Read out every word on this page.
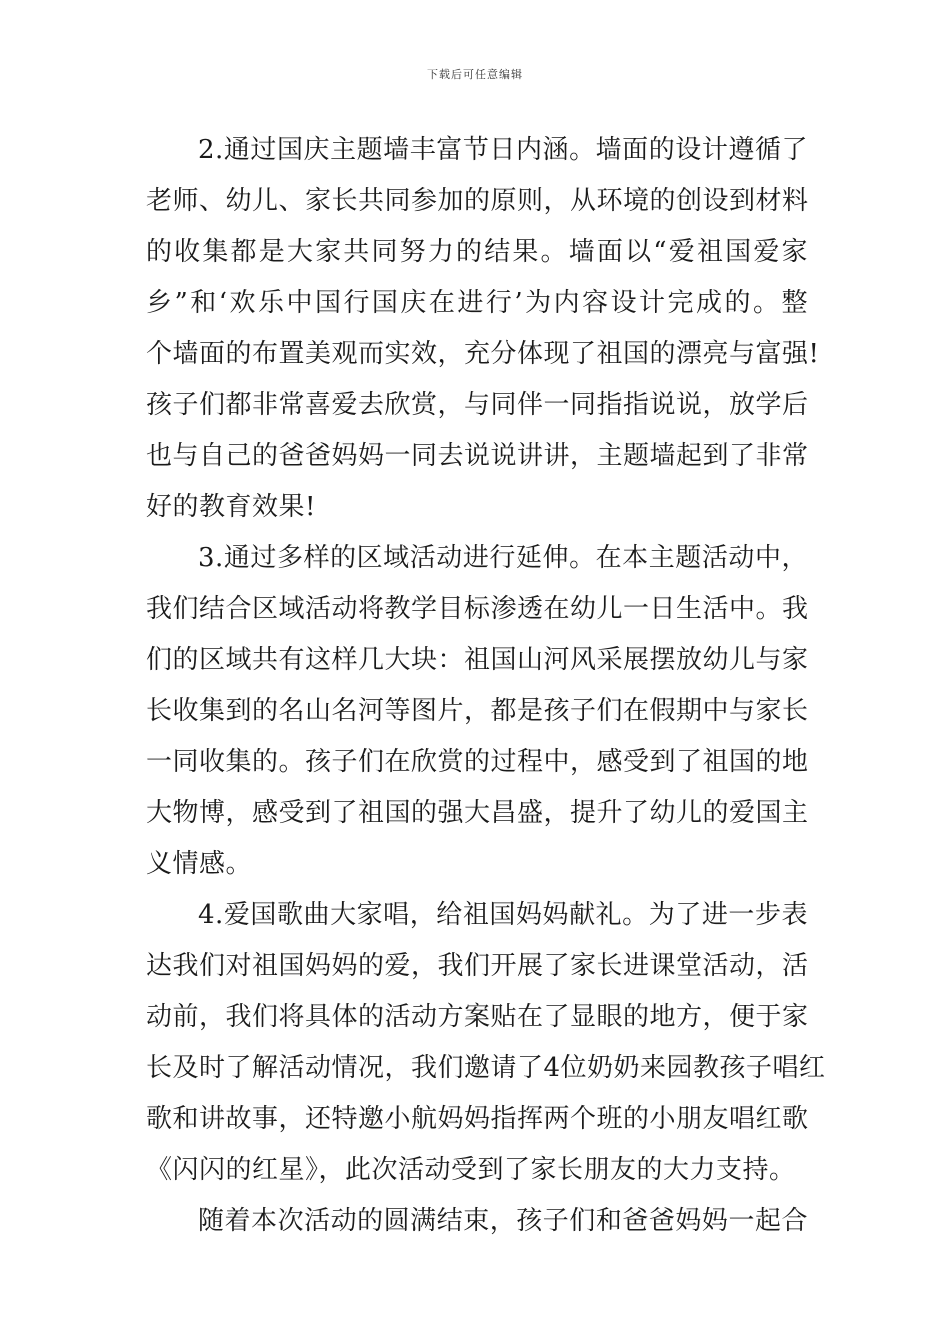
下载后可任意编辑
2.通过国庆主题墙丰富节日内涵。墙面的设计遵循了
老师、幼儿、家长共同参加的原则，从环境的创设到材料
的收集都是大家共同努力的结果。墙面以“爱祖国爱家
乡”和‘欢乐中国行国庆在进行’为内容设计完成的。整
个墙面的布置美观而实效，充分体现了祖国的漂亮与富强!
孩子们都非常喜爱去欣赏，与同伴一同指指说说，放学后
也与自己的爸爸妈妈一同去说说讲讲，主题墙起到了非常
好的教育效果!
3.通过多样的区域活动进行延伸。在本主题活动中，
我们结合区域活动将教学目标渗透在幼儿一日生活中。我
们的区域共有这样几大块：祖国山河风采展摆放幼儿与家
长收集到的名山名河等图片，都是孩子们在假期中与家长
一同收集的。孩子们在欣赏的过程中，感受到了祖国的地
大物博，感受到了祖国的强大昌盛，提升了幼儿的爱国主
义情感。
4.爱国歌曲大家唱，给祖国妈妈献礼。为了进一步表
达我们对祖国妈妈的爱，我们开展了家长进课堂活动，活
动前，我们将具体的活动方案贴在了显眼的地方，便于家
长及时了解活动情况，我们邀请了4位奶奶来园教孩子唱红
歌和讲故事，还特邀小航妈妈指挥两个班的小朋友唱红歌
《闪闪的红星》，此次活动受到了家长朋友的大力支持。
随着本次活动的圆满结束，孩子们和爸爸妈妈一起合
